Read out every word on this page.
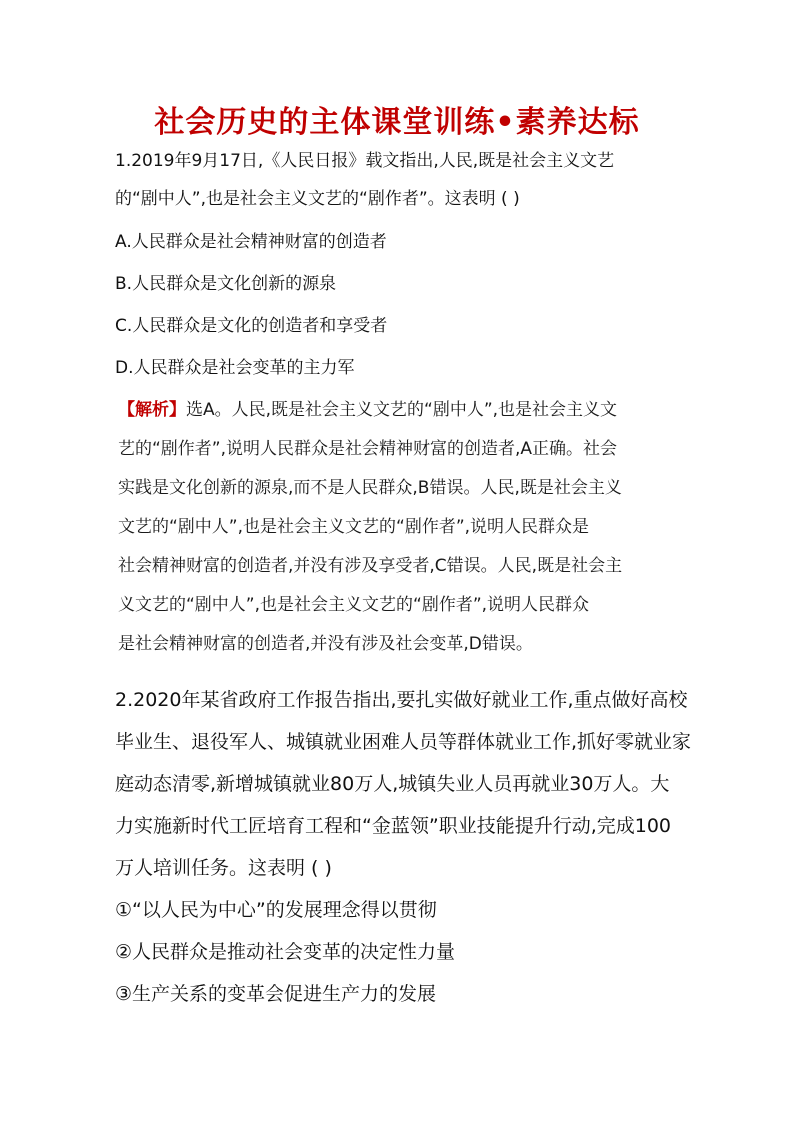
社会历史的主体课堂训练•素养达标
1.2019年9月17日,《人民日报》载文指出,人民,既是社会主义文艺
的“剧中人”,也是社会主义文艺的“剧作者”。这表明 ( )
A.人民群众是社会精神财富的创造者
B.人民群众是文化创新的源泉
C.人民群众是文化的创造者和享受者
D.人民群众是社会变革的主力军
【解析】选A。人民,既是社会主义文艺的“剧中人”,也是社会主义文
艺的“剧作者”,说明人民群众是社会精神财富的创造者,A正确。社会
实践是文化创新的源泉,而不是人民群众,B错误。人民,既是社会主义
文艺的“剧中人”,也是社会主义文艺的“剧作者”,说明人民群众是
社会精神财富的创造者,并没有涉及享受者,C错误。人民,既是社会主
义文艺的“剧中人”,也是社会主义文艺的“剧作者”,说明人民群众
是社会精神财富的创造者,并没有涉及社会变革,D错误。
2.2020年某省政府工作报告指出,要扎实做好就业工作,重点做好高校
毕业生、退役军人、城镇就业困难人员等群体就业工作,抓好零就业家
庭动态清零,新增城镇就业80万人,城镇失业人员再就业30万人。大
力实施新时代工匠培育工程和“金蓝领”职业技能提升行动,完成100
万人培训任务。这表明 ( )
①“以人民为中心”的发展理念得以贯彻
②人民群众是推动社会变革的决定性力量
③生产关系的变革会促进生产力的发展
